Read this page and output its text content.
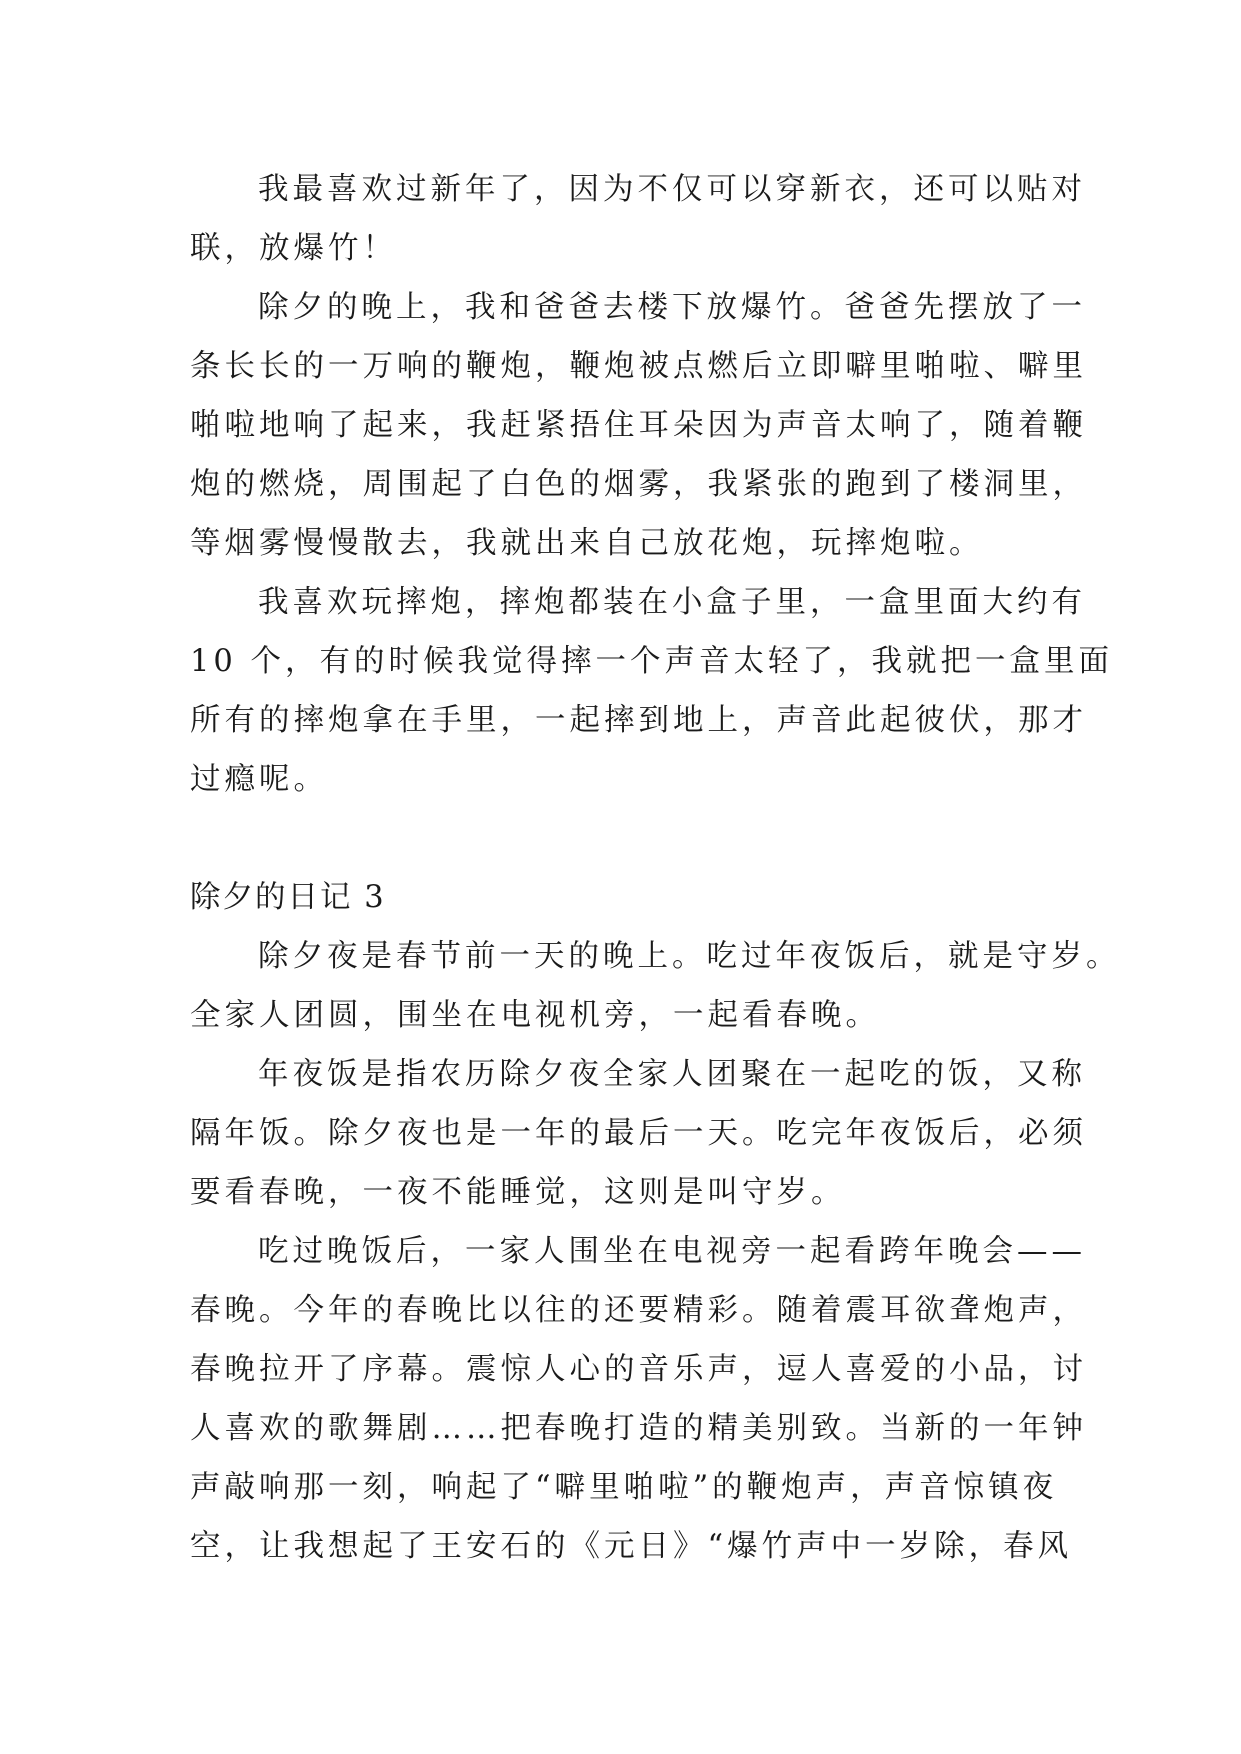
我最喜欢过新年了，因为不仅可以穿新衣，还可以贴对
联，放爆竹！
除夕的晚上，我和爸爸去楼下放爆竹。爸爸先摆放了一
条长长的一万响的鞭炮，鞭炮被点燃后立即噼里啪啦、噼里
啪啦地响了起来，我赶紧捂住耳朵因为声音太响了，随着鞭
炮的燃烧，周围起了白色的烟雾，我紧张的跑到了楼洞里，
等烟雾慢慢散去，我就出来自己放花炮，玩摔炮啦。
我喜欢玩摔炮，摔炮都装在小盒子里，一盒里面大约有
10 个，有的时候我觉得摔一个声音太轻了，我就把一盒里面
所有的摔炮拿在手里，一起摔到地上，声音此起彼伏，那才
过瘾呢。
除夕的日记 3
除夕夜是春节前一天的晚上。吃过年夜饭后，就是守岁。
全家人团圆，围坐在电视机旁，一起看春晚。
年夜饭是指农历除夕夜全家人团聚在一起吃的饭，又称
隔年饭。除夕夜也是一年的最后一天。吃完年夜饭后，必须
要看春晚，一夜不能睡觉，这则是叫守岁。
吃过晚饭后，一家人围坐在电视旁一起看跨年晚会——
春晚。今年的春晚比以往的还要精彩。随着震耳欲聋炮声，
春晚拉开了序幕。震惊人心的音乐声，逗人喜爱的小品，讨
人喜欢的歌舞剧……把春晚打造的精美别致。当新的一年钟
声敲响那一刻，响起了“噼里啪啦”的鞭炮声，声音惊镇夜
空，让我想起了王安石的《元日》“爆竹声中一岁除，春风
